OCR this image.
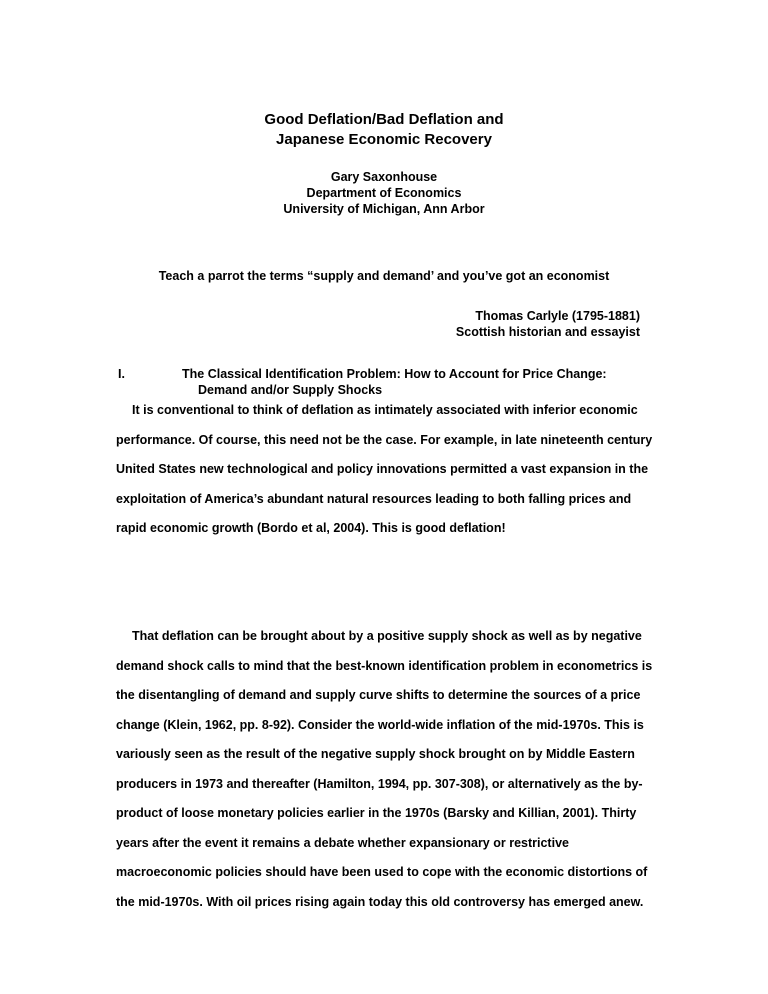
Good Deflation/Bad Deflation and
Japanese Economic Recovery
Gary Saxonhouse
Department of Economics
University of Michigan, Ann Arbor
Teach a parrot the terms “supply and demand’ and you’ve got an economist
Thomas Carlyle (1795-1881)
Scottish historian and essayist
I.	The Classical Identification Problem: How to Account for Price Change:
Demand and/or Supply Shocks
It is conventional to think of deflation as intimately associated with inferior economic
performance. Of course, this need not be the case. For example, in late nineteenth century
United States new technological and policy innovations permitted a vast expansion in the
exploitation of America’s abundant natural resources leading to both falling prices and
rapid economic growth (Bordo et al, 2004). This is good deflation!
That deflation can be brought about by a positive supply shock as well as by negative
demand shock calls to mind that the best-known identification problem in econometrics is
the disentangling of demand and supply curve shifts to determine the sources of a price
change (Klein, 1962, pp. 8-92). Consider the world-wide inflation of the mid-1970s. This is
variously seen as the result of the negative supply shock brought on by Middle Eastern
producers in 1973 and thereafter (Hamilton, 1994, pp. 307-308), or alternatively as the by-
product of loose monetary policies earlier in the 1970s (Barsky and Killian, 2001). Thirty
years after the event it remains a debate whether expansionary or restrictive
macroeconomic policies should have been used to cope with the economic distortions of
the mid-1970s. With oil prices rising again today this old controversy has emerged anew.
